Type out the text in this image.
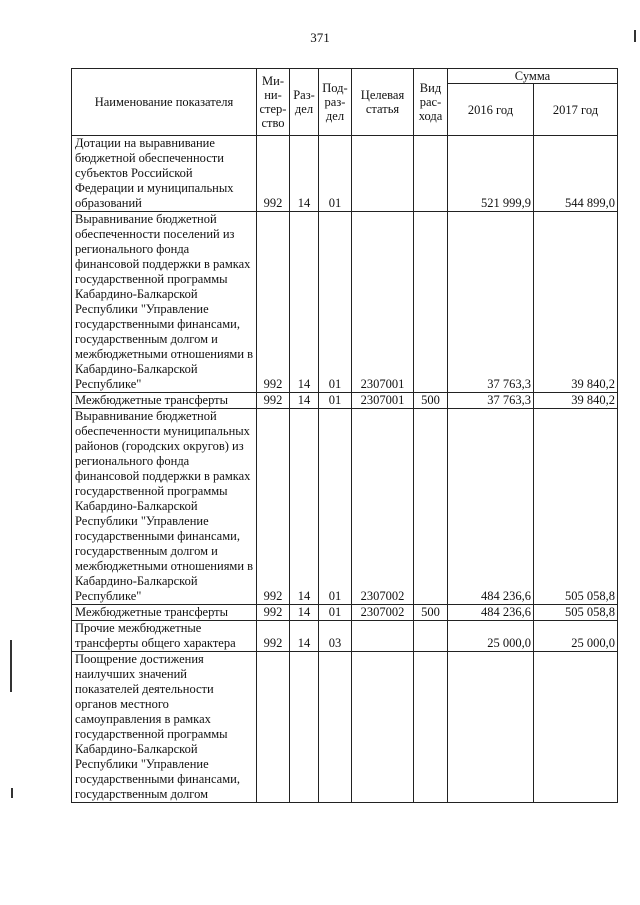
371
Наименование показателя	Ми-
ни-
стер-
ство	Раз-
дел	Под-
раз-
дел	Целевая
статья	Вид
рас-
хода	Сумма	
						2016 год	2017 год
Дотации на выравнивание бюджетной обеспеченности субъектов Российской Федерации и муниципальных образований	992	14	01			521 999,9	544 899,0
Выравнивание бюджетной обеспеченности поселений из регионального фонда финансовой поддержки в рамках государственной программы Кабардино-Балкарской Республики "Управление государственными финансами, государственным долгом и межбюджетными отношениями в Кабардино-Балкарской Республике"	992	14	01	2307001		37 763,3	39 840,2
Межбюджетные трансферты	992	14	01	2307001	500	37 763,3	39 840,2
Выравнивание бюджетной обеспеченности муниципальных районов (городских округов) из регионального фонда финансовой поддержки в рамках государственной программы Кабардино-Балкарской Республики "Управление государственными финансами, государственным долгом и межбюджетными отношениями в Кабардино-Балкарской Республике"	992	14	01	2307002		484 236,6	505 058,8
Межбюджетные трансферты	992	14	01	2307002	500	484 236,6	505 058,8
Прочие межбюджетные трансферты общего характера	992	14	03			25 000,0	25 000,0
Поощрение достижения наилучших значений показателей деятельности органов местного самоуправления в рамках государственной программы Кабардино-Балкарской Республики "Управление государственными финансами, государственным долгом							
